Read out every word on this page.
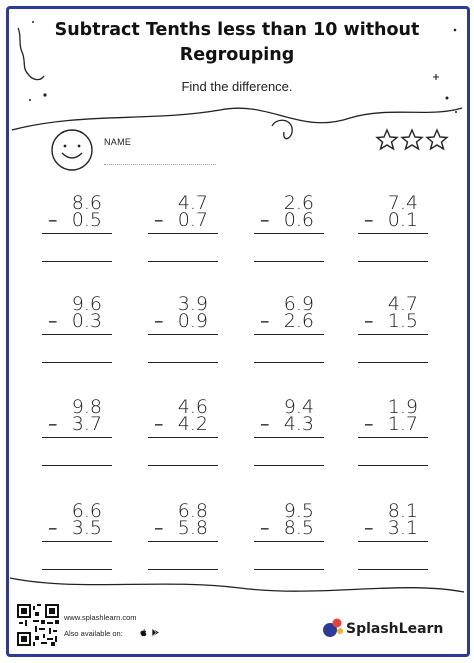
Subtract Tenths less than 10 without
Regrouping
Find the difference.
NAME
8.6
– 0.5
4.7
– 0.7
2.6
– 0.6
7.4
– 0.1
9.6
– 0.3
3.9
– 0.9
6.9
– 2.6
4.7
– 1.5
9.8
– 3.7
4.6
– 4.2
9.4
– 4.3
1.9
– 1.7
6.6
– 3.5
6.8
– 5.8
9.5
– 8.5
8.1
– 3.1
www.splashlearn.com
Also available on:	SplashLearn
